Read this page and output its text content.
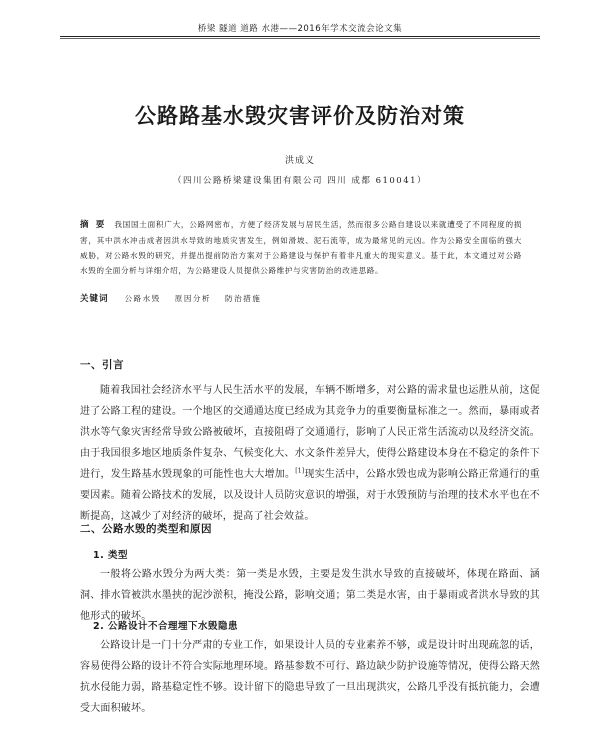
桥梁 隧道 道路 水港——2016年学术交流会论文集
公路路基水毁灾害评价及防治对策
洪成义
（四川公路桥梁建设集团有限公司 四川 成都 610041）
摘 要 我国国土面积广大，公路网密布，方便了经济发展与居民生活，然而很多公路自建设以来就遭受了不同程度的损害，其中洪水冲击成者因洪水导致的地质灾害发生，例如滑坡、泥石流等，成为最常见的元凶。作为公路安全面临的强大威胁，对公路水毁的研究，并提出提前防治方案对于公路建设与保护有着非凡重大的现实意义。基于此，本文通过对公路水毁的全面分析与详细介绍，为公路建设人员提供公路维护与灾害防治的改进思路。
关键词 公路水毁 原因分析 防治措施
一、引言
随着我国社会经济水平与人民生活水平的发展，车辆不断增多，对公路的需求量也运胜从前，这促进了公路工程的建设。一个地区的交通通达度已经成为其竞争力的重要衡量标准之一。然而，暴雨或者洪水等气象灾害经常导致公路被破坏，直接阻碍了交通通行，影响了人民正常生活流动以及经济交流。由于我国很多地区地质条件复杂、气候变化大、水文条件差异大，使得公路建设本身在不稳定的条件下进行，发生路基水毁现象的可能性也大大增加。[1]现实生活中，公路水毁也成为影响公路正常通行的重要因素。随着公路技术的发展，以及设计人员防灾意识的增强，对于水毁预防与治理的技术水平也在不断提高，这减少了对经济的破坏，提高了社会效益。
二、公路水毁的类型和原因
1. 类型
一般将公路水毁分为两大类：第一类是水毁，主要是发生洪水导致的直接破坏，体现在路面、涵洞、排水管被洪水墨挟的泥沙淤积，掩没公路，影响交通；第二类是水害，由于暴雨或者洪水导致的其他形式的破坏。
2. 公路设计不合理埋下水毁隐患
公路设计是一门十分严肃的专业工作，如果设计人员的专业素养不够，或是设计时出现疏忽的话，容易使得公路的设计不符合实际地理环境。路基参数不可行、路边缺少防护设施等情况，使得公路天然抗水侵能力弱，路基稳定性不够。设计留下的隐患导致了一旦出现洪灾，公路几乎没有抵抗能力，会遭受大面积破坏。
